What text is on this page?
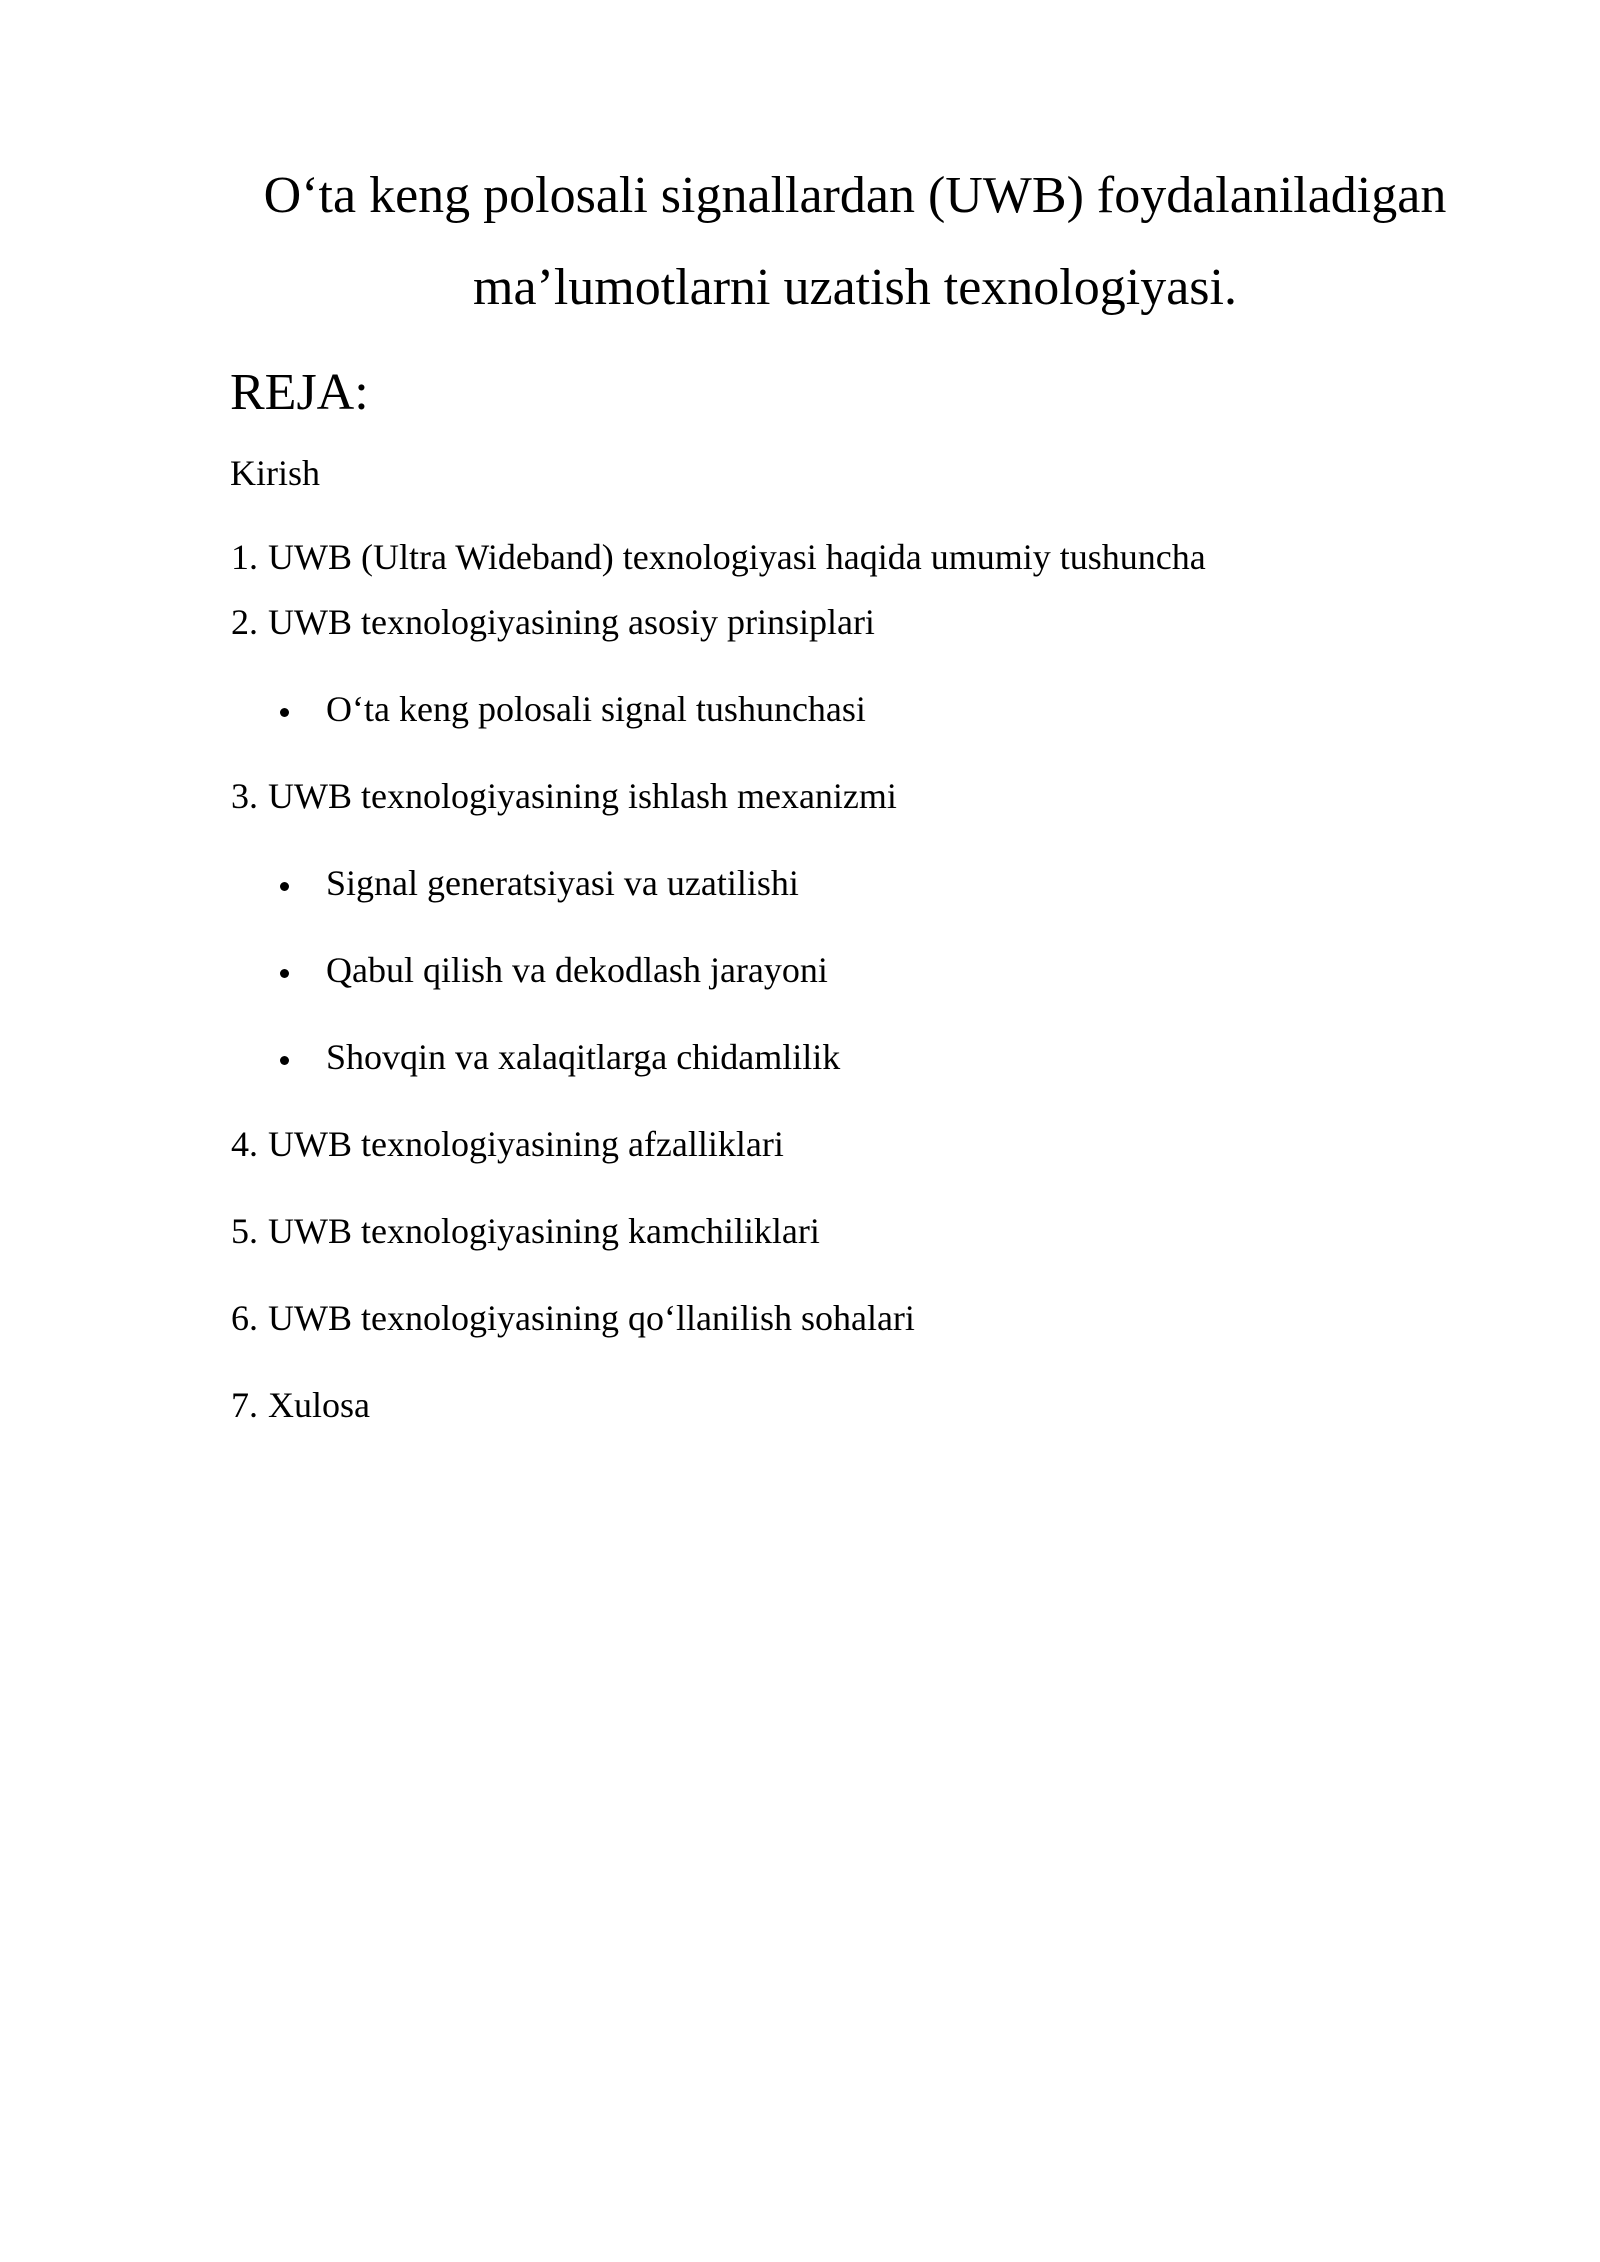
O‘ta keng polosali signallardan (UWB) foydalaniladigan
ma’lumotlarni uzatish texnologiyasi.
REJA:

Kirish

1. UWB (Ultra Wideband) texnologiyasi haqida umumiy tushuncha
2. UWB texnologiyasining asosiy prinsiplari
O‘ta keng polosali signal tushunchasi
3. UWB texnologiyasining ishlash mexanizmi
Signal generatsiyasi va uzatilishi
Qabul qilish va dekodlash jarayoni
Shovqin va xalaqitlarga chidamlilik
4. UWB texnologiyasining afzalliklari
5. UWB texnologiyasining kamchiliklari
6. UWB texnologiyasining qo‘llanilish sohalari
7. Xulosa
